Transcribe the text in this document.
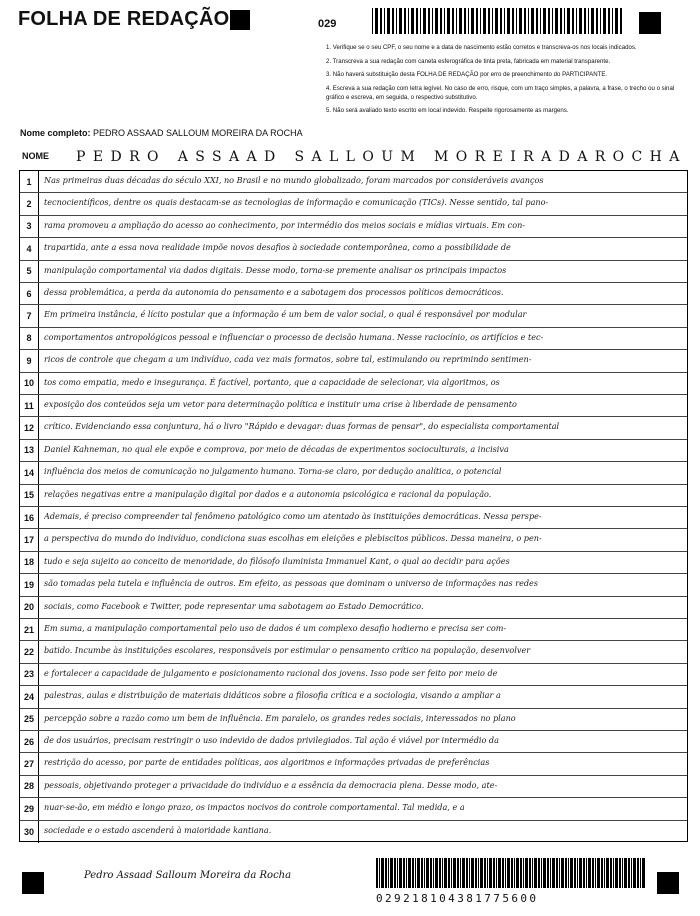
FOLHA DE REDAÇÃO	029
1. Verifique se o seu CPF, o seu nome e a data de nascimento estão corretos e transcreva-os nos locais indicados.
2. Transcreva a sua redação com caneta esferográfica de tinta preta, fabricada em material transparente.
3. Não haverá substituição desta FOLHA DE REDAÇÃO por erro de preenchimento do PARTICIPANTE.
4. Escreva a sua redação com letra legível. No caso de erro, risque, com um traço simples, a palavra, a frase, o trecho ou o sinal gráfico e escreva, em seguida, o respectivo substitutivo.
5. Não será avaliado texto escrito em local indevido. Respeite rigorosamente as margens.
Nome completo: PEDRO ASSAAD SALLOUM MOREIRA DA ROCHA
NOME PEDRO ASSAAD SALLOUM MOREIRADAROCHA
1	Nas primeiras duas décadas do século XXI, no Brasil e no mundo globalizado, foram marcados por consideráveis avanços
2	tecnocientíficos, dentre os quais destacam-se as tecnologias de informação e comunicação (TICs). Nesse sentido, tal pano-
3	rama promoveu a ampliação do acesso ao conhecimento, por intermédio dos meios sociais e mídias virtuais. Em con-
4	trapartida, ante a essa nova realidade impõe novos desafios à sociedade contemporânea, como a possibilidade de
5	manipulação comportamental via dados digitais. Desse modo, torna-se premente analisar os principais impactos
6	dessa problemática, a perda da autonomia do pensamento e a sabotagem dos processos políticos democráticos.
7	Em primeira instância, é lícito postular que a informação é um bem de valor social, o qual é responsável por modular
8	comportamentos antropológicos pessoal e influenciar o processo de decisão humana. Nesse raciocínio, os artifícios e tec-
9	ricos de controle que chegam a um indivíduo, cada vez mais formatos, sobre tal, estimulando ou reprimindo sentimen-
10	tos como empatia, medo e insegurança. É factível, portanto, que a capacidade de selecionar, via algoritmos, os
11	exposição dos conteúdos seja um vetor para determinação política e instituir uma crise à liberdade de pensamento
12	crítico. Evidenciando essa conjuntura, há o livro "Rápido e devagar: duas formas de pensar", do especialista comportamental
13	Daniel Kahneman, no qual ele expõe e comprova, por meio de décadas de experimentos socioculturais, a incisiva
14	influência dos meios de comunicação no julgamento humano. Torna-se claro, por dedução analítica, o potencial
15	relações negativas entre a manipulação digital por dados e a autonomia psicológica e racional da população.
16	Ademais, é preciso compreender tal fenômeno patológico como um atentado às instituições democráticas. Nessa perspe-
17	a perspectiva do mundo do indivíduo, condiciona suas escolhas em eleições e plebiscitos públicos. Dessa maneira, o pen-
18	tudo e seja sujeito ao conceito de menoridade, do filósofo iluminista Immanuel Kant, o qual ao decidir para ações
19	são tomadas pela tutela e influência de outros. Em efeito, as pessoas que dominam o universo de informações nas redes
20	sociais, como Facebook e Twitter, pode representar uma sabotagem ao Estado Democrático.
21	Em suma, a manipulação comportamental pelo uso de dados é um complexo desafio hodierno e precisa ser com-
22	batido. Incumbe às instituições escolares, responsáveis por estimular o pensamento crítico na população, desenvolver
23	e fortalecer a capacidade de julgamento e posicionamento racional dos jovens. Isso pode ser feito por meio de
24	palestras, aulas e distribuição de materiais didáticos sobre a filosofia crítica e a sociologia, visando a ampliar a
25	percepção sobre a razão como um bem de influência. Em paralelo, os grandes redes sociais, interessados no plano
26	de dos usuários, precisam restringir o uso indevido de dados privilegiados. Tal ação é viável por intermédio da
27	restrição do acesso, por parte de entidades políticas, aos algoritmos e informações privadas de preferências
28	pessoais, objetivando proteger a privacidade do indivíduo e a essência da democracia plena. Desse modo, ate-
29	nuar-se-ão, em médio e longo prazo, os impactos nocivos do controle comportamental. Tal medida, e a
30	sociedade e o estado ascenderá à maioridade kantiana.
Pedro Assaad Salloum Moreira da Rocha
029218104381775600
